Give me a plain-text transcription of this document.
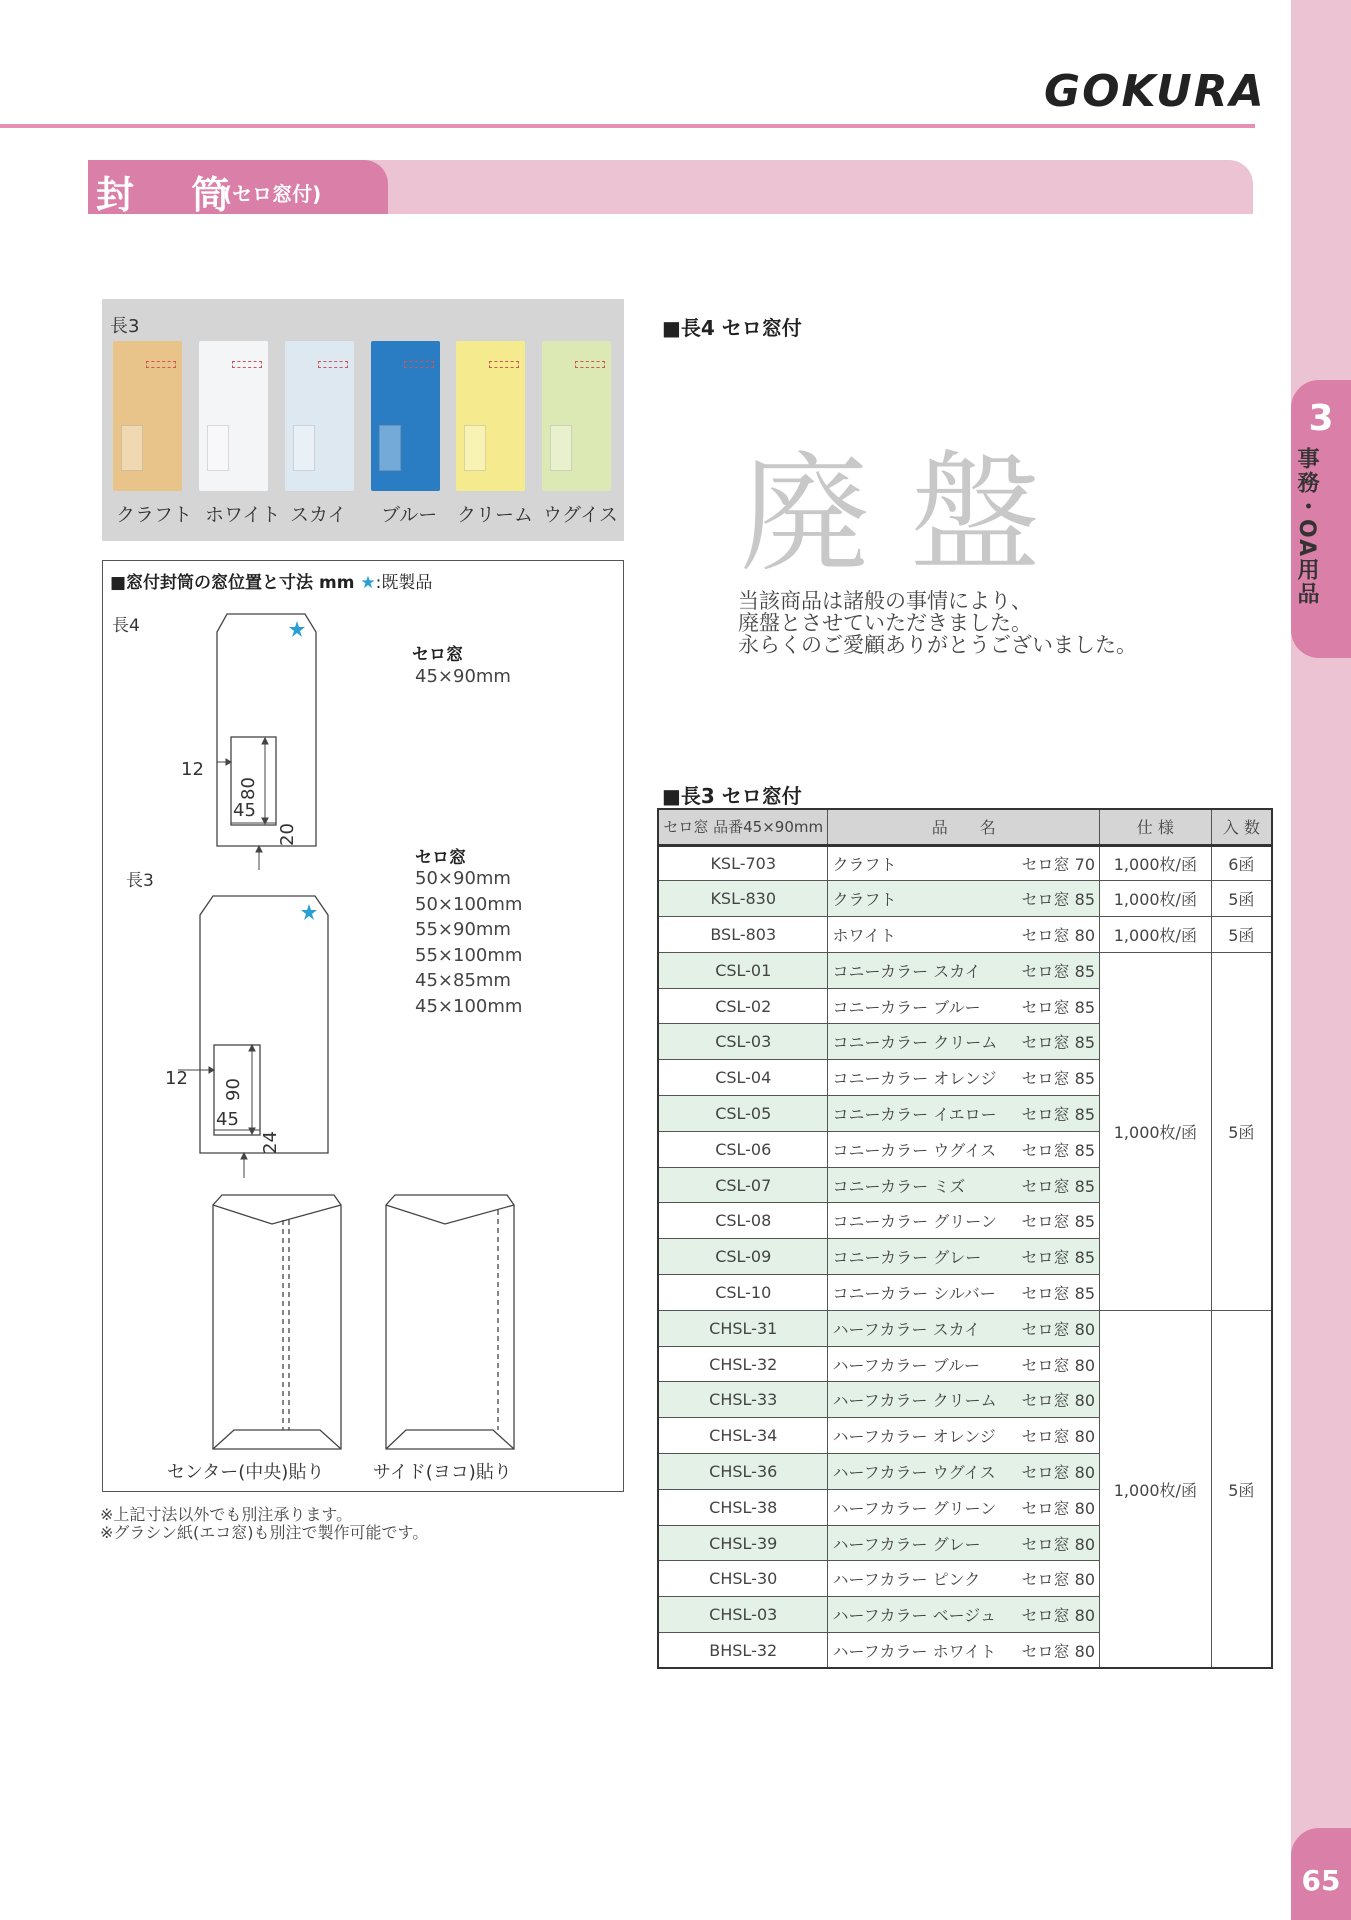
3
事務・OA用品
65
GOKURA
封 筒
(セロ窓付)
長3
クラフト ホワイト スカイ ブルー クリーム ウグイス
■窓付封筒の窓位置と寸法 mm ★:既製品
長4
セロ窓
45×90mm
長3
セロ窓
50×90mm
50×100mm
55×90mm
55×100mm
45×85mm
45×100mm
12
80
45
20
12 90
45
24
センター(中央)貼り	サイド(ヨコ)貼り
※上記寸法以外でも別注承ります。
※グラシン紙(エコ窓)も別注で製作可能です。
■長4 セロ窓付
廃盤
当該商品は諸般の事情により、
廃盤とさせていただきました。
永らくのご愛顧ありがとうございました。
■長3 セロ窓付
セロ窓 品番45×90mm	品　　名	仕 様	入 数
KSL-703	クラフト セロ窓 70	1,000枚/函	6函
KSL-830	クラフト セロ窓 85	1,000枚/函	5函
BSL-803	ホワイト セロ窓 80	1,000枚/函	5函
CSL-01	コニーカラー スカイ セロ窓 85	1,000枚/函	5函
CSL-02	コニーカラー ブルー セロ窓 85		

CSL-03	コニーカラー クリーム セロ窓 85		

CSL-04	コニーカラー オレンジ セロ窓 85		

CSL-05	コニーカラー イエロー セロ窓 85		

CSL-06	コニーカラー ウグイス セロ窓 85		

CSL-07	コニーカラー ミズ セロ窓 85		

CSL-08	コニーカラー グリーン セロ窓 85		

CSL-09	コニーカラー グレー セロ窓 85		

CSL-10	コニーカラー シルバー セロ窓 85		

CHSL-31	ハーフカラー スカイ セロ窓 80	1,000枚/函	5函
CHSL-32	ハーフカラー ブルー セロ窓 80		

CHSL-33	ハーフカラー クリーム セロ窓 80		

CHSL-34	ハーフカラー オレンジ セロ窓 80		

CHSL-36	ハーフカラー ウグイス セロ窓 80		

CHSL-38	ハーフカラー グリーン セロ窓 80		

CHSL-39	ハーフカラー グレー セロ窓 80		

CHSL-30	ハーフカラー ピンク セロ窓 80		

CHSL-03	ハーフカラー ベージュ セロ窓 80		

BHSL-32	ハーフカラー ホワイト セロ窓 80		
